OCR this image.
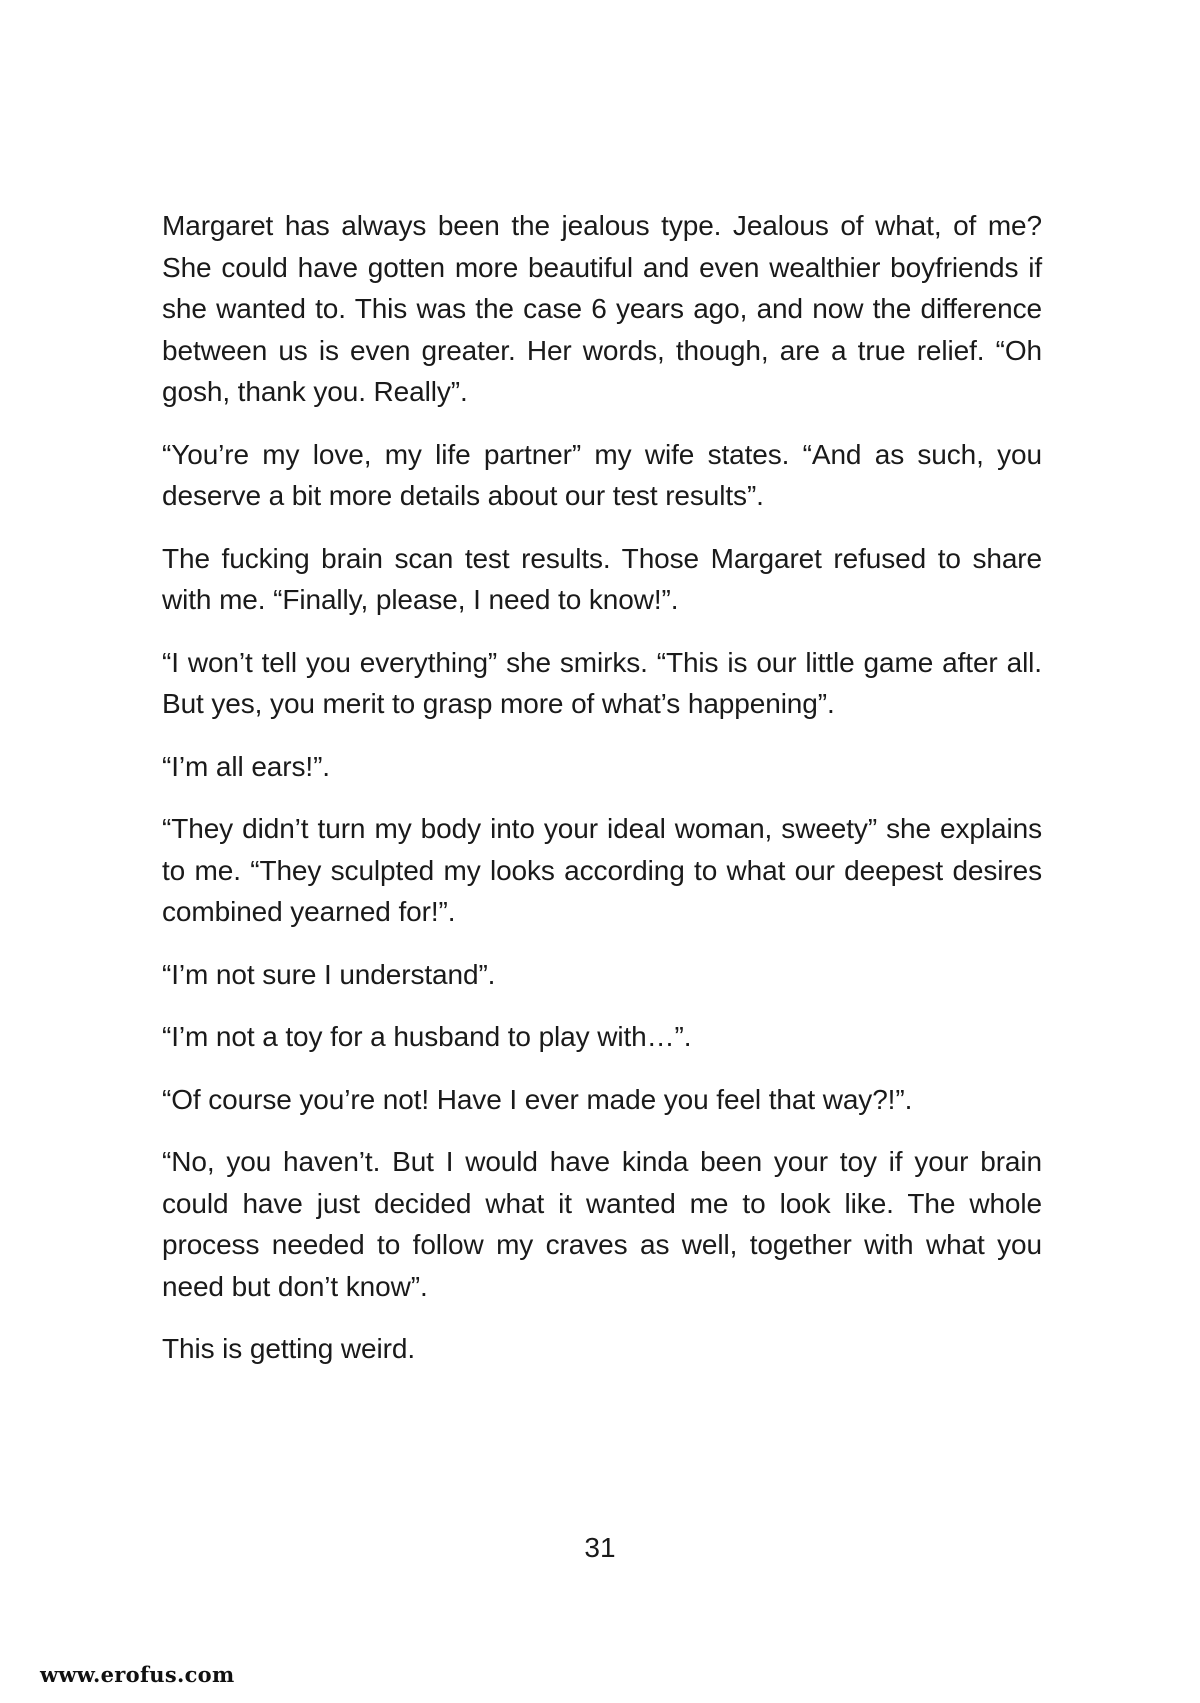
Margaret has always been the jealous type. Jealous of what, of me? She could have gotten more beautiful and even wealthier boyfriends if she wanted to. This was the case 6 years ago, and now the difference between us is even greater. Her words, though, are a true relief. “Oh gosh, thank you. Really”.

“You’re my love, my life partner” my wife states. “And as such, you deserve a bit more details about our test results”.

The fucking brain scan test results. Those Margaret refused to share with me. “Finally, please, I need to know!”.

“I won’t tell you everything” she smirks. “This is our little game after all. But yes, you merit to grasp more of what’s happening”.

“I’m all ears!”.

“They didn’t turn my body into your ideal woman, sweety” she explains to me. “They sculpted my looks according to what our deepest desires combined yearned for!”.

“I’m not sure I understand”.

“I’m not a toy for a husband to play with…”.

“Of course you’re not! Have I ever made you feel that way?!”.

“No, you haven’t. But I would have kinda been your toy if your brain could have just decided what it wanted me to look like. The whole process needed to follow my craves as well, together with what you need but don’t know”.

This is getting weird.

31
www.erofus.com
